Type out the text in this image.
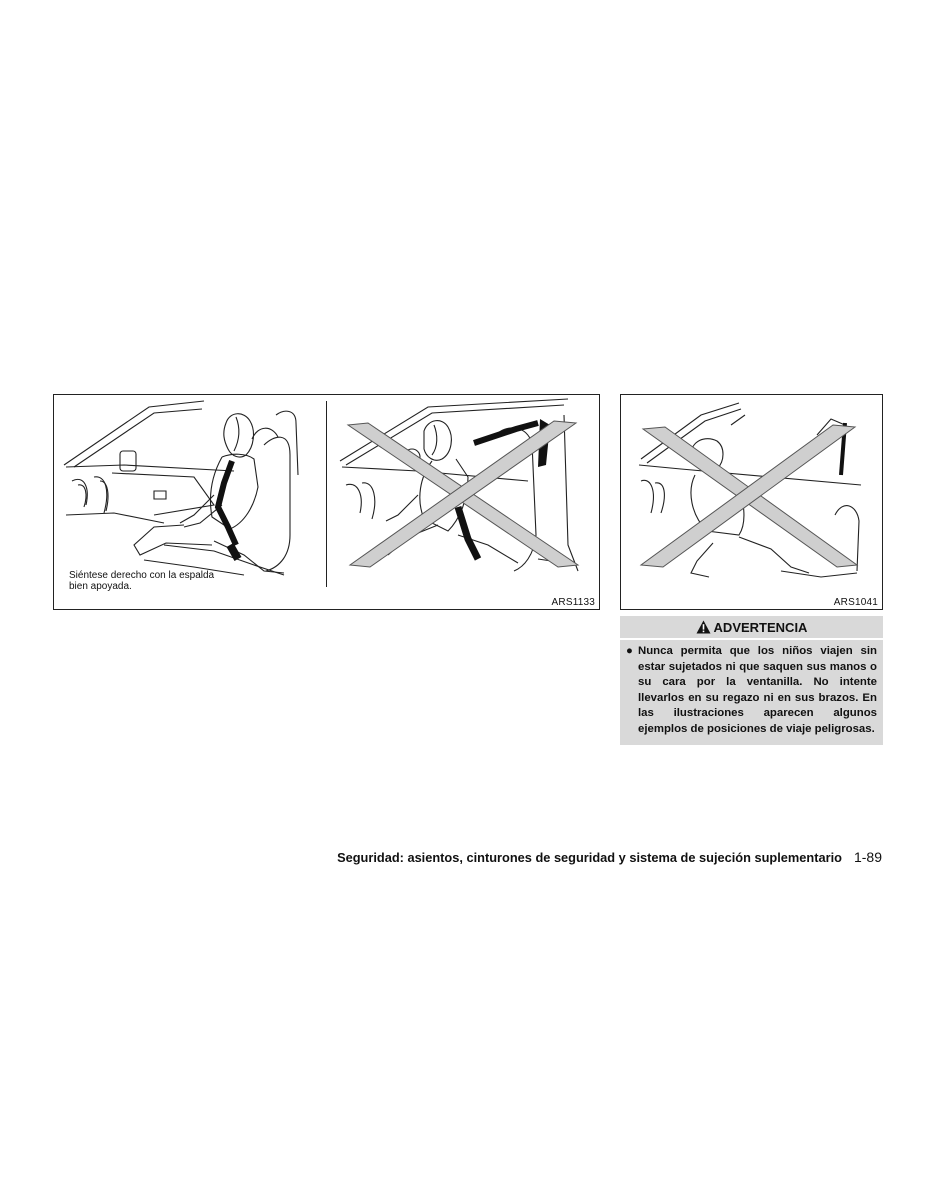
Siéntese derecho con la espalda bien apoyada.
ARS1133	ARS1041
ADVERTENCIA
● Nunca permita que los niños viajen sin estar sujetados ni que saquen sus manos o su cara por la ventanilla. No intente llevarlos en su regazo ni en sus brazos. En las ilustraciones aparecen algunos ejemplos de posiciones de viaje peligrosas.
Seguridad: asientos, cinturones de seguridad y sistema de sujeción suplementario 1-89
